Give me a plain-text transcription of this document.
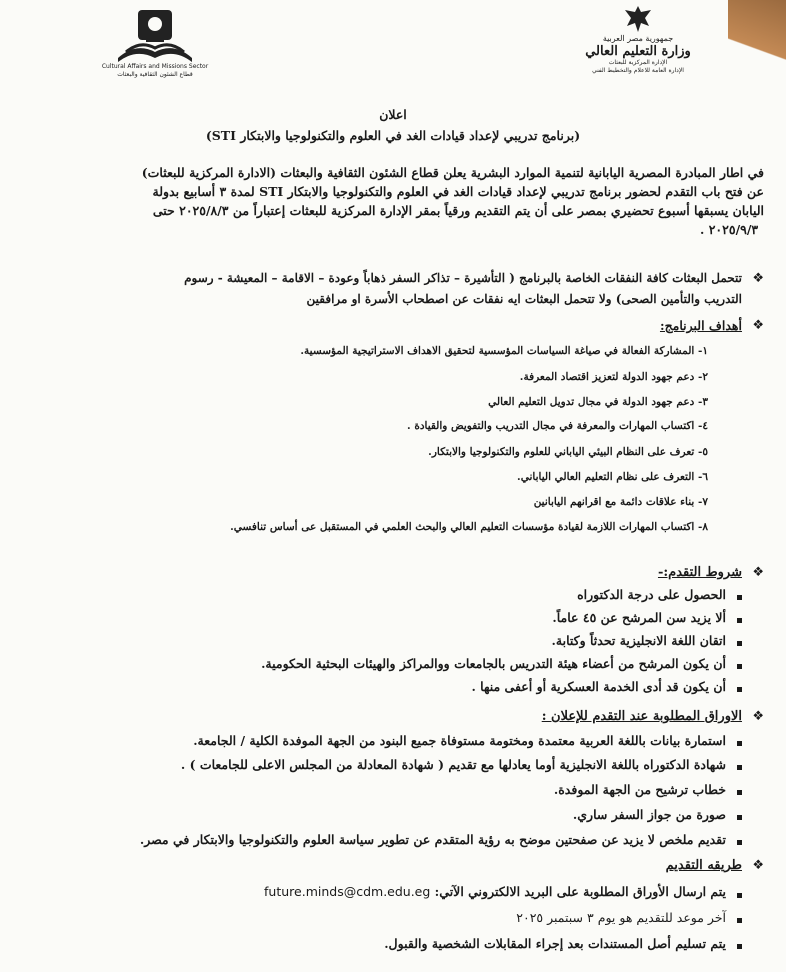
Cultural Affairs and Missions Sector
قطاع الشئون الثقافية والبعثات
جمهورية مصر العربية
وزارة التعليم العالي
الإدارة المركزية للبعثات
الإدارة العامة للاعلام والتخطيط الفني
اعلان
(برنامج تدريبي لإعداد قيادات الغد في العلوم والتكنولوجيا والابتكار STI)
في اطار المبادرة المصرية اليابانية لتنمية الموارد البشرية يعلن قطاع الشئون الثقافية والبعثات (الادارة المركزية للبعثات)
عن فتح باب التقدم لحضور برنامج تدريبي لإعداد قيادات الغد في العلوم والتكنولوجيا والابتكار STI لمدة ٣ أسابيع بدولة
اليابان يسبقها أسبوع تحضيري بمصر على أن يتم التقديم ورقياً بمقر الإدارة المركزية للبعثات إعتباراً من ٢٠٢٥/٨/٣ حتى
٢٠٢٥/٩/٣ .
❖
تتحمل البعثات كافة النفقات الخاصة بالبرنامج ( التأشيرة – تذاكر السفر ذهاباً وعودة – الاقامة – المعيشة - رسوم
التدريب والتأمين الصحى) ولا تتحمل البعثات ايه نفقات عن اصطحاب الأسرة او مرافقين
❖
أهداف البرنامج:
١- المشاركة الفعالة في صياغة السياسات المؤسسية لتحقيق الاهداف الاستراتيجية المؤسسية.
٢- دعم جهود الدولة لتعزيز اقتصاد المعرفة.
٣- دعم جهود الدولة في مجال تدويل التعليم العالي
٤- اكتساب المهارات والمعرفة في مجال التدريب والتفويض والقيادة .
٥- تعرف على النظام البيئي الياباني للعلوم والتكنولوجيا والابتكار.
٦- التعرف على نظام التعليم العالي الياباني.
٧- بناء علاقات دائمة مع اقرانهم اليابانين
٨- اكتساب المهارات اللازمة لقيادة مؤسسات التعليم العالي والبحث العلمي في المستقبل عى أساس تنافسي.
❖
شروط التقدم:-
الحصول على درجة الدكتوراه
ألا يزيد سن المرشح عن ٤٥ عاماً.
اتقان اللغة الانجليزية تحدثاً وكتابة.
أن يكون المرشح من أعضاء هيئة التدريس بالجامعات ووالمراكز والهيئات البحثية الحكومية.
أن يكون قد أدى الخدمة العسكرية أو أعفى منها .
❖
الاوراق المطلوبة عند التقدم للإعلان :
استمارة بيانات باللغة العربية معتمدة ومختومة مستوفاة جميع البنود من الجهة الموفدة الكلية / الجامعة.
شهادة الدكتوراه باللغة الانجليزية أوما يعادلها مع تقديم ( شهادة المعادلة من المجلس الاعلى للجامعات ) .
خطاب ترشيح من الجهة الموفدة.
صورة من جواز السفر ساري.
تقديم ملخص لا يزيد عن صفحتين موضح به رؤية المتقدم عن تطوير سياسة العلوم والتكنولوجيا والابتكار في مصر.
❖
طريقه التقديم
يتم ارسال الأوراق المطلوبة على البريد الالكتروني الآتي: future.minds@cdm.edu.eg
آخر موعد للتقديم هو يوم ٣ سبتمبر ٢٠٢٥
يتم تسليم أصل المستندات بعد إجراء المقابلات الشخصية والقبول.
